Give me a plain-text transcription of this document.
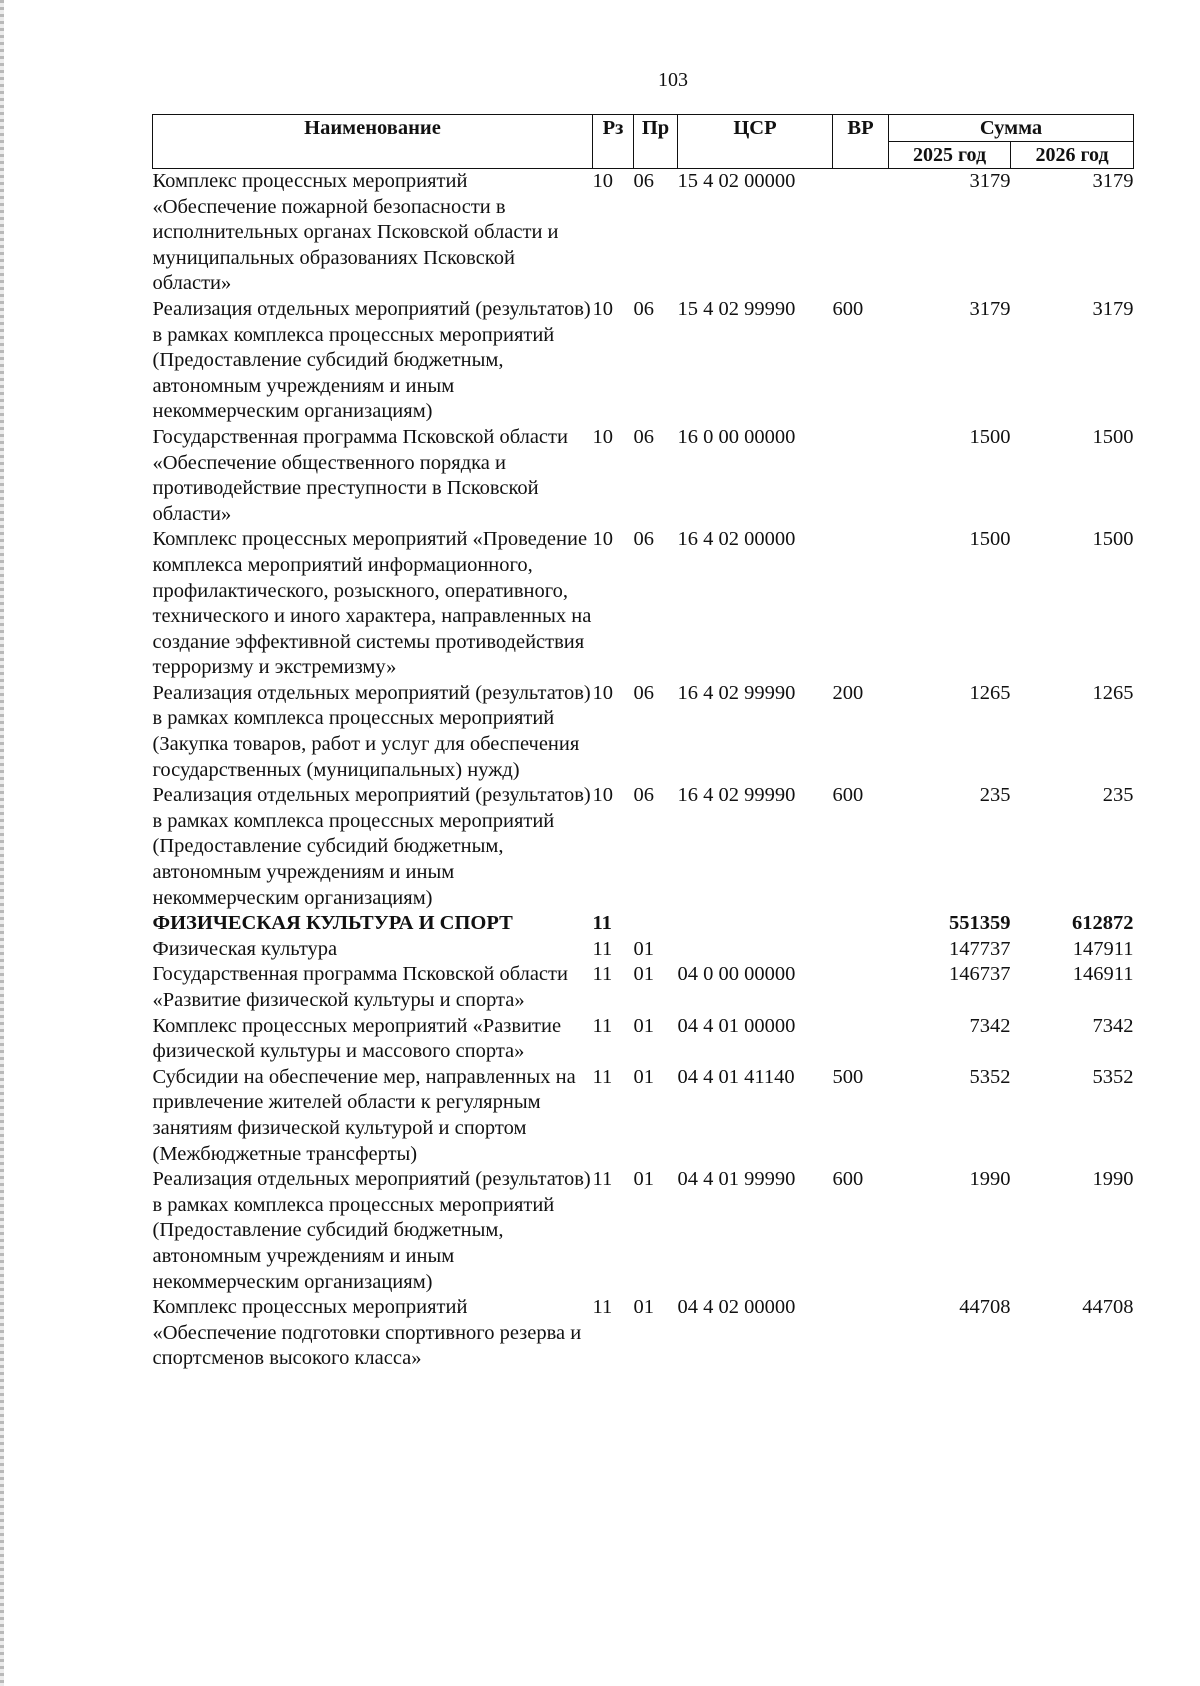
103
Наименование	Рз	Пр	ЦСР	ВР	Сумма	
					2025 год	2026 год
Комплекс процессных мероприятий «Обеспечение пожарной безопасности в исполнительных органах Псковской области и муниципальных образованиях Псковской области»	10	06	15 4 02 00000		3179	3179
Реализация отдельных мероприятий (результатов) в рамках комплекса процессных мероприятий (Предоставление субсидий бюджетным, автономным учреждениям и иным некоммерческим организациям)	10	06	15 4 02 99990	600	3179	3179
Государственная программа Псковской области «Обеспечение общественного порядка и противодействие преступности в Псковской области»	10	06	16 0 00 00000		1500	1500
Комплекс процессных мероприятий «Проведение комплекса мероприятий информационного, профилактического, розыскного, оперативного, технического и иного характера, направленных на создание эффективной системы противодействия терроризму и экстремизму»	10	06	16 4 02 00000		1500	1500
Реализация отдельных мероприятий (результатов) в рамках комплекса процессных мероприятий (Закупка товаров, работ и услуг для обеспечения государственных (муниципальных) нужд)	10	06	16 4 02 99990	200	1265	1265
Реализация отдельных мероприятий (результатов) в рамках комплекса процессных мероприятий (Предоставление субсидий бюджетным, автономным учреждениям и иным некоммерческим организациям)	10	06	16 4 02 99990	600	235	235
ФИЗИЧЕСКАЯ КУЛЬТУРА И СПОРТ	11				551359	612872
Физическая культура	11	01			147737	147911
Государственная программа Псковской области «Развитие физической культуры и спорта»	11	01	04 0 00 00000		146737	146911
Комплекс процессных мероприятий «Развитие физической культуры и массового спорта»	11	01	04 4 01 00000		7342	7342
Субсидии на обеспечение мер, направленных на привлечение жителей области к регулярным занятиям физической культурой и спортом (Межбюджетные трансферты)	11	01	04 4 01 41140	500	5352	5352
Реализация отдельных мероприятий (результатов) в рамках комплекса процессных мероприятий (Предоставление субсидий бюджетным, автономным учреждениям и иным некоммерческим организациям)	11	01	04 4 01 99990	600	1990	1990
Комплекс процессных мероприятий «Обеспечение подготовки спортивного резерва и спортсменов высокого класса»	11	01	04 4 02 00000		44708	44708
